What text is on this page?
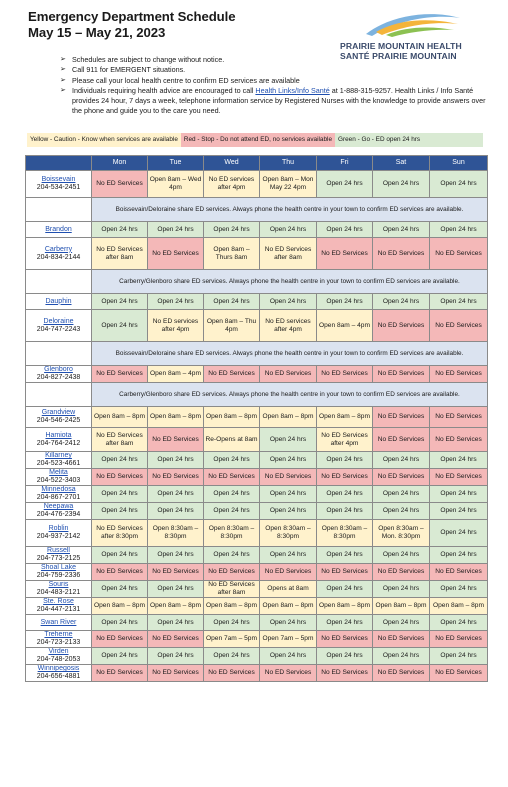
Emergency Department Schedule
May 15 – May 21, 2023
PRAIRIE MOUNTAIN HEALTH
SANTÉ PRAIRIE MOUNTAIN
➢ Schedules are subject to change without notice.
➢ Call 911 for EMERGENT situations.
➢ Please call your local health centre to confirm ED services are available
➢ Individuals requiring health advice are encouraged to call Health Links/Info Santé at 1-888-315-9257. Health Links / Info Santé provides 24 hour, 7 days a week, telephone information service by Registered Nurses with the knowledge to provide answers over the phone and guide you to the care you need.
Yellow - Caution - Know when services are available Red - Stop - Do not attend ED, no services available Green - Go - ED open 24 hrs
	Mon	Tue	Wed	Thu	Fri	Sat	Sun

Boissevain
204-534-2451	No ED Services	Open 8am – Wed 4pm	No ED services after 4pm	Open 8am – Mon May 22 4pm	Open 24 hrs	Open 24 hrs	Open 24 hrs
	Boissevain/Deloraine share ED services. Always phone the health centre in your town to confirm ED services are available.						

Brandon	Open 24 hrs	Open 24 hrs	Open 24 hrs	Open 24 hrs	Open 24 hrs	Open 24 hrs	Open 24 hrs

Carberry
204-834-2144	No ED Services after 8am	No ED Services	Open 8am – Thurs 8am	No ED Services after 8am	No ED Services	No ED Services	No ED Services
	Carberry/Glenboro share ED services. Always phone the health centre in your town to confirm ED services are available.						

Dauphin	Open 24 hrs	Open 24 hrs	Open 24 hrs	Open 24 hrs	Open 24 hrs	Open 24 hrs	Open 24 hrs

Deloraine
204-747-2243	Open 24 hrs	No ED services after 4pm	Open 8am – Thu 4pm	No ED services after 4pm	Open 8am – 4pm	No ED Services	No ED Services
	Boissevain/Deloraine share ED services. Always phone the health centre in your town to confirm ED services are available.						

Glenboro
204-827-2438	No ED Services	Open 8am – 4pm	No ED Services	No ED Services	No ED Services	No ED Services	No ED Services
	Carberry/Glenboro share ED services. Always phone the health centre in your town to confirm ED services are available.						

Grandview
204-546-2425	Open 8am – 8pm	Open 8am – 8pm	Open 8am – 8pm	Open 8am – 8pm	Open 8am – 8pm	No ED Services	No ED Services

Hamiota
204-764-2412	No ED Services after 8am	No ED Services	Re-Opens at 8am	Open 24 hrs	No ED Services after 4pm	No ED Services	No ED Services

Killarney
204-523-4661	Open 24 hrs	Open 24 hrs	Open 24 hrs	Open 24 hrs	Open 24 hrs	Open 24 hrs	Open 24 hrs

Melita
204-522-3403	No ED Services	No ED Services	No ED Services	No ED Services	No ED Services	No ED Services	No ED Services

Minnedosa
204-867-2701	Open 24 hrs	Open 24 hrs	Open 24 hrs	Open 24 hrs	Open 24 hrs	Open 24 hrs	Open 24 hrs

Neepawa
204-476-2394	Open 24 hrs	Open 24 hrs	Open 24 hrs	Open 24 hrs	Open 24 hrs	Open 24 hrs	Open 24 hrs

Roblin
204-937-2142	No ED Services after 8:30pm	Open 8:30am – 8:30pm	Open 8:30am – 8:30pm	Open 8:30am – 8:30pm	Open 8:30am – 8:30pm	Open 8:30am – Mon. 8:30pm	Open 24 hrs

Russell
204-773-2125	Open 24 hrs	Open 24 hrs	Open 24 hrs	Open 24 hrs	Open 24 hrs	Open 24 hrs	Open 24 hrs

Shoal Lake
204-759-2336	No ED Services	No ED Services	No ED Services	No ED Services	No ED Services	No ED Services	No ED Services

Souris
204-483-2121	Open 24 hrs	Open 24 hrs	No ED Services after 8am	Opens at 8am	Open 24 hrs	Open 24 hrs	Open 24 hrs

Ste. Rose
204-447-2131	Open 8am – 8pm	Open 8am – 8pm	Open 8am – 8pm	Open 8am – 8pm	Open 8am – 8pm	Open 8am – 8pm	Open 8am – 8pm

Swan River	Open 24 hrs	Open 24 hrs	Open 24 hrs	Open 24 hrs	Open 24 hrs	Open 24 hrs	Open 24 hrs

Treherne
204-723-2133	No ED Services	No ED Services	Open 7am – 5pm	Open 7am – 5pm	No ED Services	No ED Services	No ED Services

Virden
204-748-2053	Open 24 hrs	Open 24 hrs	Open 24 hrs	Open 24 hrs	Open 24 hrs	Open 24 hrs	Open 24 hrs

Winnipegosis
204-656-4881	No ED Services	No ED Services	No ED Services	No ED Services	No ED Services	No ED Services	No ED Services
